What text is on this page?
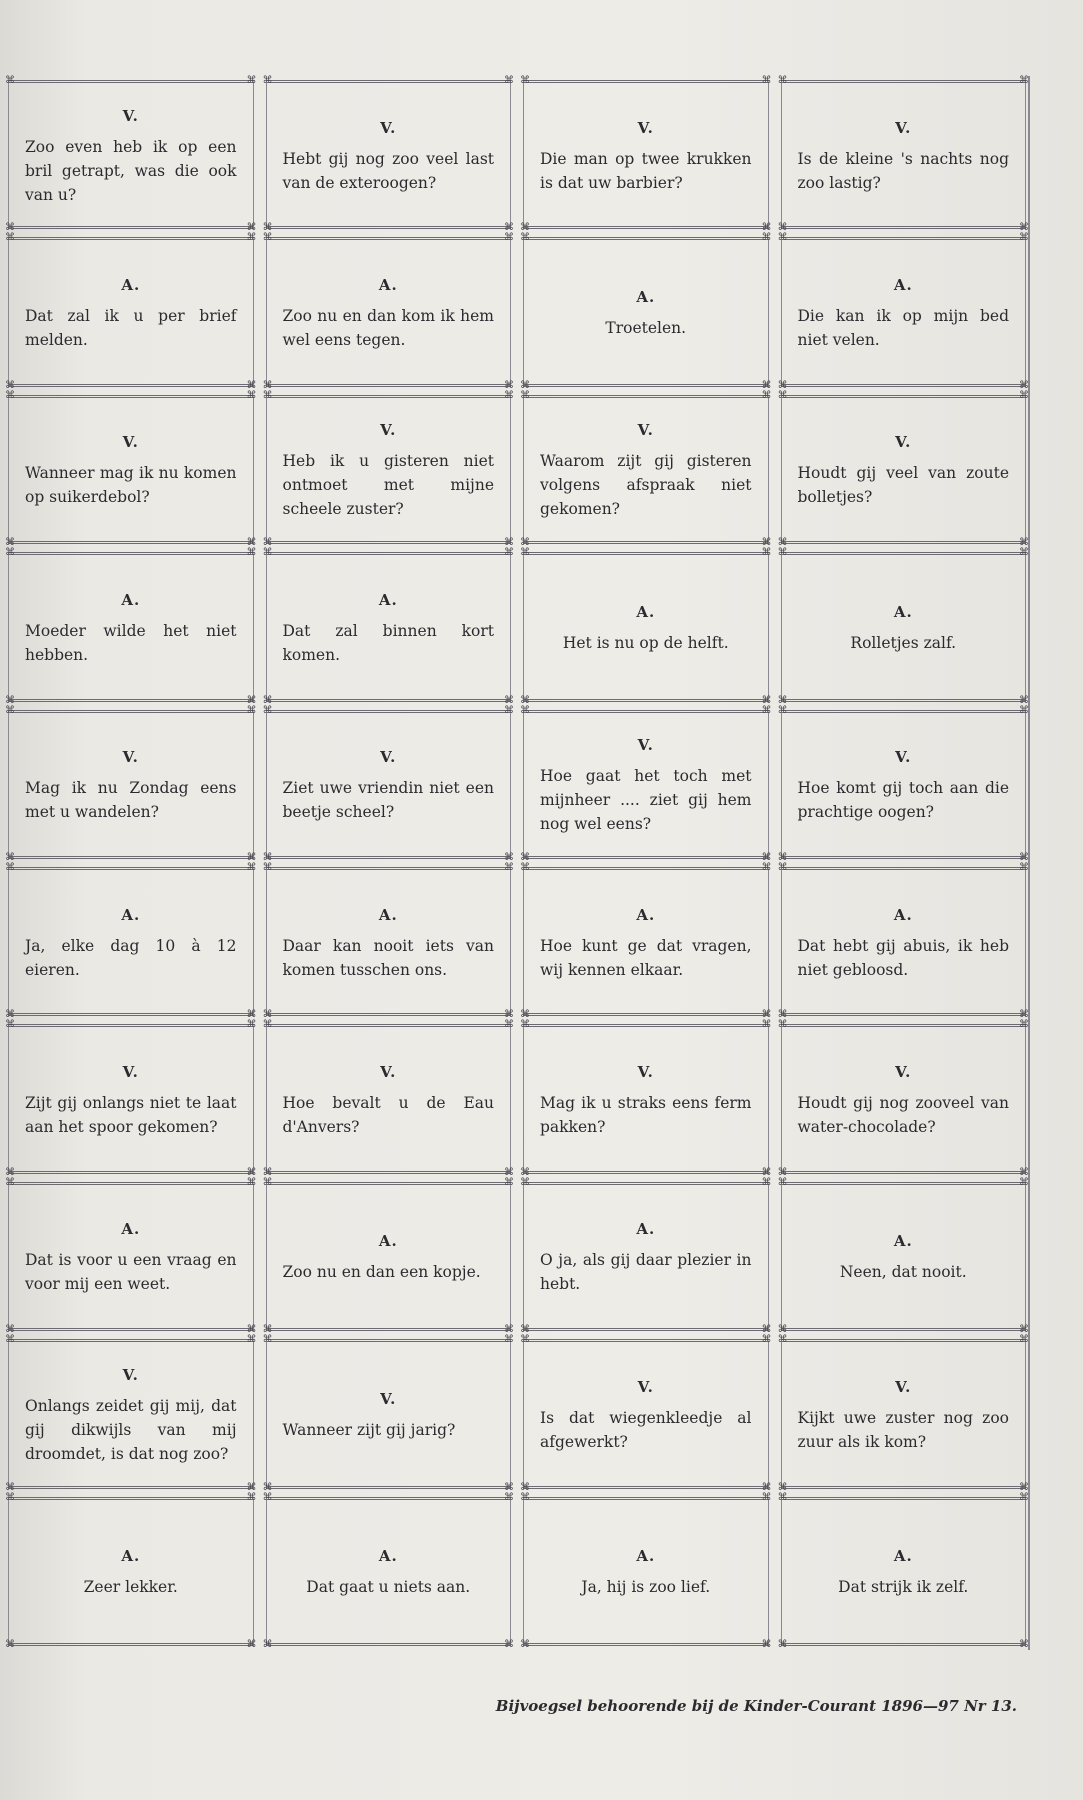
⌘	⌘
⌘	⌘
V.
Zoo even heb ik op een bril getrapt, was die ook van u?
⌘	⌘
⌘	⌘
V.
Hebt gij nog zoo veel last van de exteroogen?
⌘	⌘
⌘	⌘
V.
Die man op twee krukken is dat uw barbier?
⌘	⌘
⌘	⌘
V.
Is de kleine 's nachts nog zoo lastig?
⌘	⌘
⌘	⌘
A.
Dat zal ik u per brief melden.
⌘	⌘
⌘	⌘
A.
Zoo nu en dan kom ik hem wel eens tegen.
⌘	⌘
⌘	⌘
A.
Troetelen.
⌘	⌘
⌘	⌘
A.
Die kan ik op mijn bed niet velen.
⌘	⌘
⌘	⌘
V.
Wanneer mag ik nu komen op suikerdebol?
⌘	⌘
⌘	⌘
V.
Heb ik u gisteren niet ontmoet met mijne scheele zuster?
⌘	⌘
⌘	⌘
V.
Waarom zijt gij gisteren volgens afspraak niet gekomen?
⌘	⌘
⌘	⌘
V.
Houdt gij veel van zoute bolletjes?
⌘	⌘
⌘	⌘
A.
Moeder wilde het niet hebben.
⌘	⌘
⌘	⌘
A.
Dat zal binnen kort komen.
⌘	⌘
⌘	⌘
A.
Het is nu op de helft.
⌘	⌘
⌘	⌘
A.
Rolletjes zalf.
⌘	⌘
⌘	⌘
V.
Mag ik nu Zondag eens met u wandelen?
⌘	⌘
⌘	⌘
V.
Ziet uwe vriendin niet een beetje scheel?
⌘	⌘
⌘	⌘
V.
Hoe gaat het toch met mijnheer .... ziet gij hem nog wel eens?
⌘	⌘
⌘	⌘
V.
Hoe komt gij toch aan die prachtige oogen?
⌘	⌘
⌘	⌘
A.
Ja, elke dag 10 à 12 eieren.
⌘	⌘
⌘	⌘
A.
Daar kan nooit iets van komen tusschen ons.
⌘	⌘
⌘	⌘
A.
Hoe kunt ge dat vragen, wij kennen elkaar.
⌘	⌘
⌘	⌘
A.
Dat hebt gij abuis, ik heb niet gebloosd.
⌘	⌘
⌘	⌘
V.
Zijt gij onlangs niet te laat aan het spoor gekomen?
⌘	⌘
⌘	⌘
V.
Hoe bevalt u de Eau d'Anvers?
⌘	⌘
⌘	⌘
V.
Mag ik u straks eens ferm pakken?
⌘	⌘
⌘	⌘
V.
Houdt gij nog zooveel van water-chocolade?
⌘	⌘
⌘	⌘
A.
Dat is voor u een vraag en voor mij een weet.
⌘	⌘
⌘	⌘
A.
Zoo nu en dan een kopje.
⌘	⌘
⌘	⌘
A.
O ja, als gij daar plezier in hebt.
⌘	⌘
⌘	⌘
A.
Neen, dat nooit.
⌘	⌘
⌘	⌘
V.
Onlangs zeidet gij mij, dat gij dikwijls van mij droomdet, is dat nog zoo?
⌘	⌘
⌘	⌘
V.
Wanneer zijt gij jarig?
⌘	⌘
⌘	⌘
V.
Is dat wiegenkleedje al afgewerkt?
⌘	⌘
⌘	⌘
V.
Kijkt uwe zuster nog zoo zuur als ik kom?
⌘	⌘
⌘	⌘
A.
Zeer lekker.
⌘	⌘
⌘	⌘
A.
Dat gaat u niets aan.
⌘	⌘
⌘	⌘
A.
Ja, hij is zoo lief.
⌘	⌘
⌘	⌘
A.
Dat strijk ik zelf.
Bijvoegsel behoorende bij de Kinder-Courant 1896—97 Nr 13.
